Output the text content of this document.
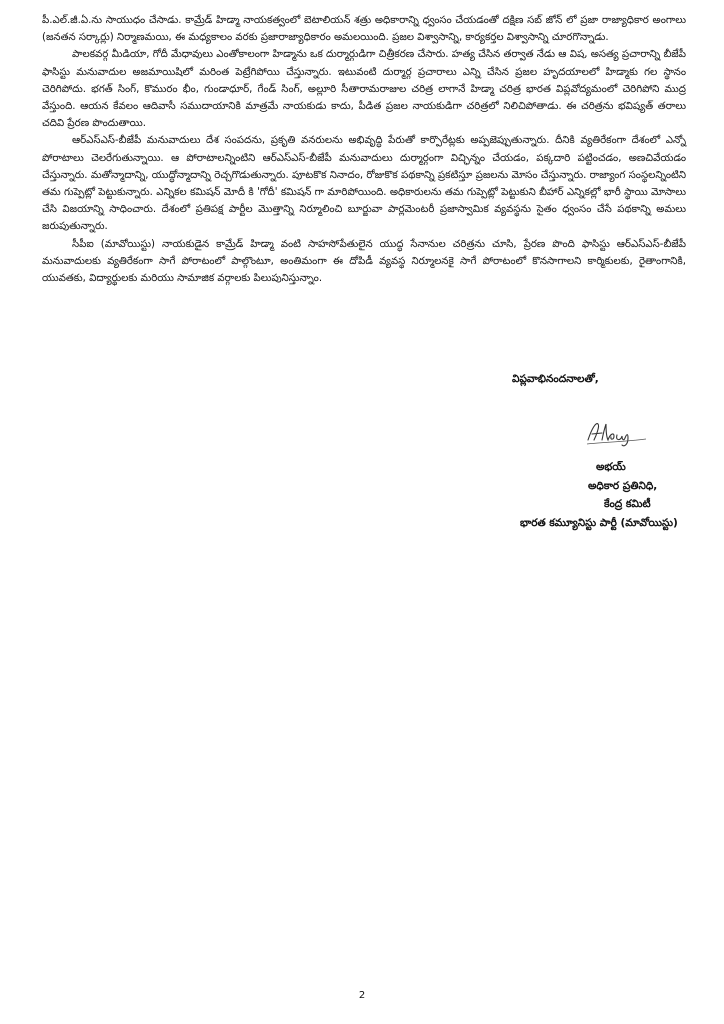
పీ.ఎల్.జీ.ఏ.ను సాయుధం చేసాడు. కామ్రేడ్ హిడ్మా నాయకత్వంలో బెటాలియన్ శత్రు అధికారాన్ని ధ్వంసం చేయడంతో దక్షిణ సబ్ జోన్ లో ప్రజా రాజ్యాధికార అంగాలు (జనతన సర్కార్లు) నిర్మాణమయి, ఈ మధ్యకాలం వరకు ప్రజారాజ్యాధికారం అమలయింది. ప్రజల విశ్వాసాన్ని, కార్యకర్తల విశ్వాసాన్ని చూరగొన్నాడు.

పాలకవర్గ మీడియా, గోదీ మేధావులు ఎంతోకాలంగా హిడ్మాను ఒక దుర్మార్గుడిగా చిత్రీకరణ చేసారు. హత్య చేసిన తర్వాత నేడు ఆ విష, అసత్య ప్రచారాన్ని బీజేపీ ఫాసిస్టు మనువాదుల అజమాయిషిలో మరింత పెట్రేగిపోయి చేస్తున్నారు. ఇటువంటి దుర్మార్గ ప్రచారాలు ఎన్ని చేసిన ప్రజల హృదయాలలో హిడ్మాకు గల స్థానం చెరిగిపోదు. భగత్ సింగ్, కొమురం భీం, గుండాధూర్, గేండ్ సింగ్, అల్లూరి సీతారామరాజుల చరిత్ర లాగానే హిడ్మా చరిత్ర భారత విప్లవోద్యమంలో చెరిగిపోని ముద్ర వేస్తుంది. ఆయన కేవలం ఆదివాసీ సముదాయానికి మాత్రమే నాయకుడు కాదు, పీడిత ప్రజల నాయకుడిగా చరిత్రలో నిలిచిపోతాడు. ఈ చరిత్రను భవిష్యత్ తరాలు చదివి ప్రేరణ పొందుతాయి.

ఆర్ఎస్ఎస్-బీజేపీ మనువాదులు దేశ సంపదను, ప్రకృతి వనరులను అభివృద్ధి పేరుతో కార్పొరేట్లకు అప్పజెప్పుతున్నారు. దీనికి వ్యతిరేకంగా దేశంలో ఎన్నో పోరాటాలు చెలరేగుతున్నాయి. ఆ పోరాటాలన్నింటిని ఆర్ఎస్ఎస్-బీజేపీ మనువాదులు దుర్మార్గంగా విచ్ఛిన్నం చేయడం, పక్కదారి పట్టించడం, అణచివేయడం చేస్తున్నారు. మతోన్మాదాన్ని, యుద్ధోన్మాదాన్ని రెచ్చగొడుతున్నారు. పూటకొక నినాదం, రోజుకొక పథకాన్ని ప్రకటిస్తూ ప్రజలను మోసం చేస్తున్నారు. రాజ్యాంగ సంస్థలన్నింటిని తమ గుప్పెట్లో పెట్టుకున్నారు. ఎన్నికల కమిషన్ మోదీ కి 'గోదీ' కమిషన్ గా మారిపోయింది. అధికారులను తమ గుప్పెట్లో పెట్టుకుని బీహార్ ఎన్నికల్లో భారీ స్థాయి మోసాలు చేసి విజయాన్ని సాధించారు. దేశంలో ప్రతిపక్ష పార్టీల మొత్తాన్ని నిర్మూలించి బూర్జువా పార్లమెంటరీ ప్రజాస్వామిక వ్యవస్థను సైతం ధ్వంసం చేసే పథకాన్ని అమలు జరుపుతున్నారు.

సీపీఐ (మావోయిస్టు) నాయకుడైన కామ్రేడ్ హిడ్మా వంటి సాహసోపేతులైన యుద్ధ సేనానుల చరిత్రను చూసి, ప్రేరణ పొంది ఫాసిస్టు ఆర్ఎస్ఎస్-బీజేపీ మనువాదులకు వ్యతిరేకంగా సాగే పోరాటంలో పాల్గొంటూ, అంతిమంగా ఈ దోపిడీ వ్యవస్థ నిర్మూలనకై సాగే పోరాటంలో కొనసాగాలని కార్మికులకు, రైతాంగానికి, యువతకు, విద్యార్థులకు మరియు సామాజిక వర్గాలకు పిలుపునిస్తున్నాం.

విప్లవాభినందనాలతో,
అభయ్
అధికార ప్రతినిధి,
కేంద్ర కమిటీ
భారత కమ్యూనిస్టు పార్టీ (మావోయిస్టు)
2
